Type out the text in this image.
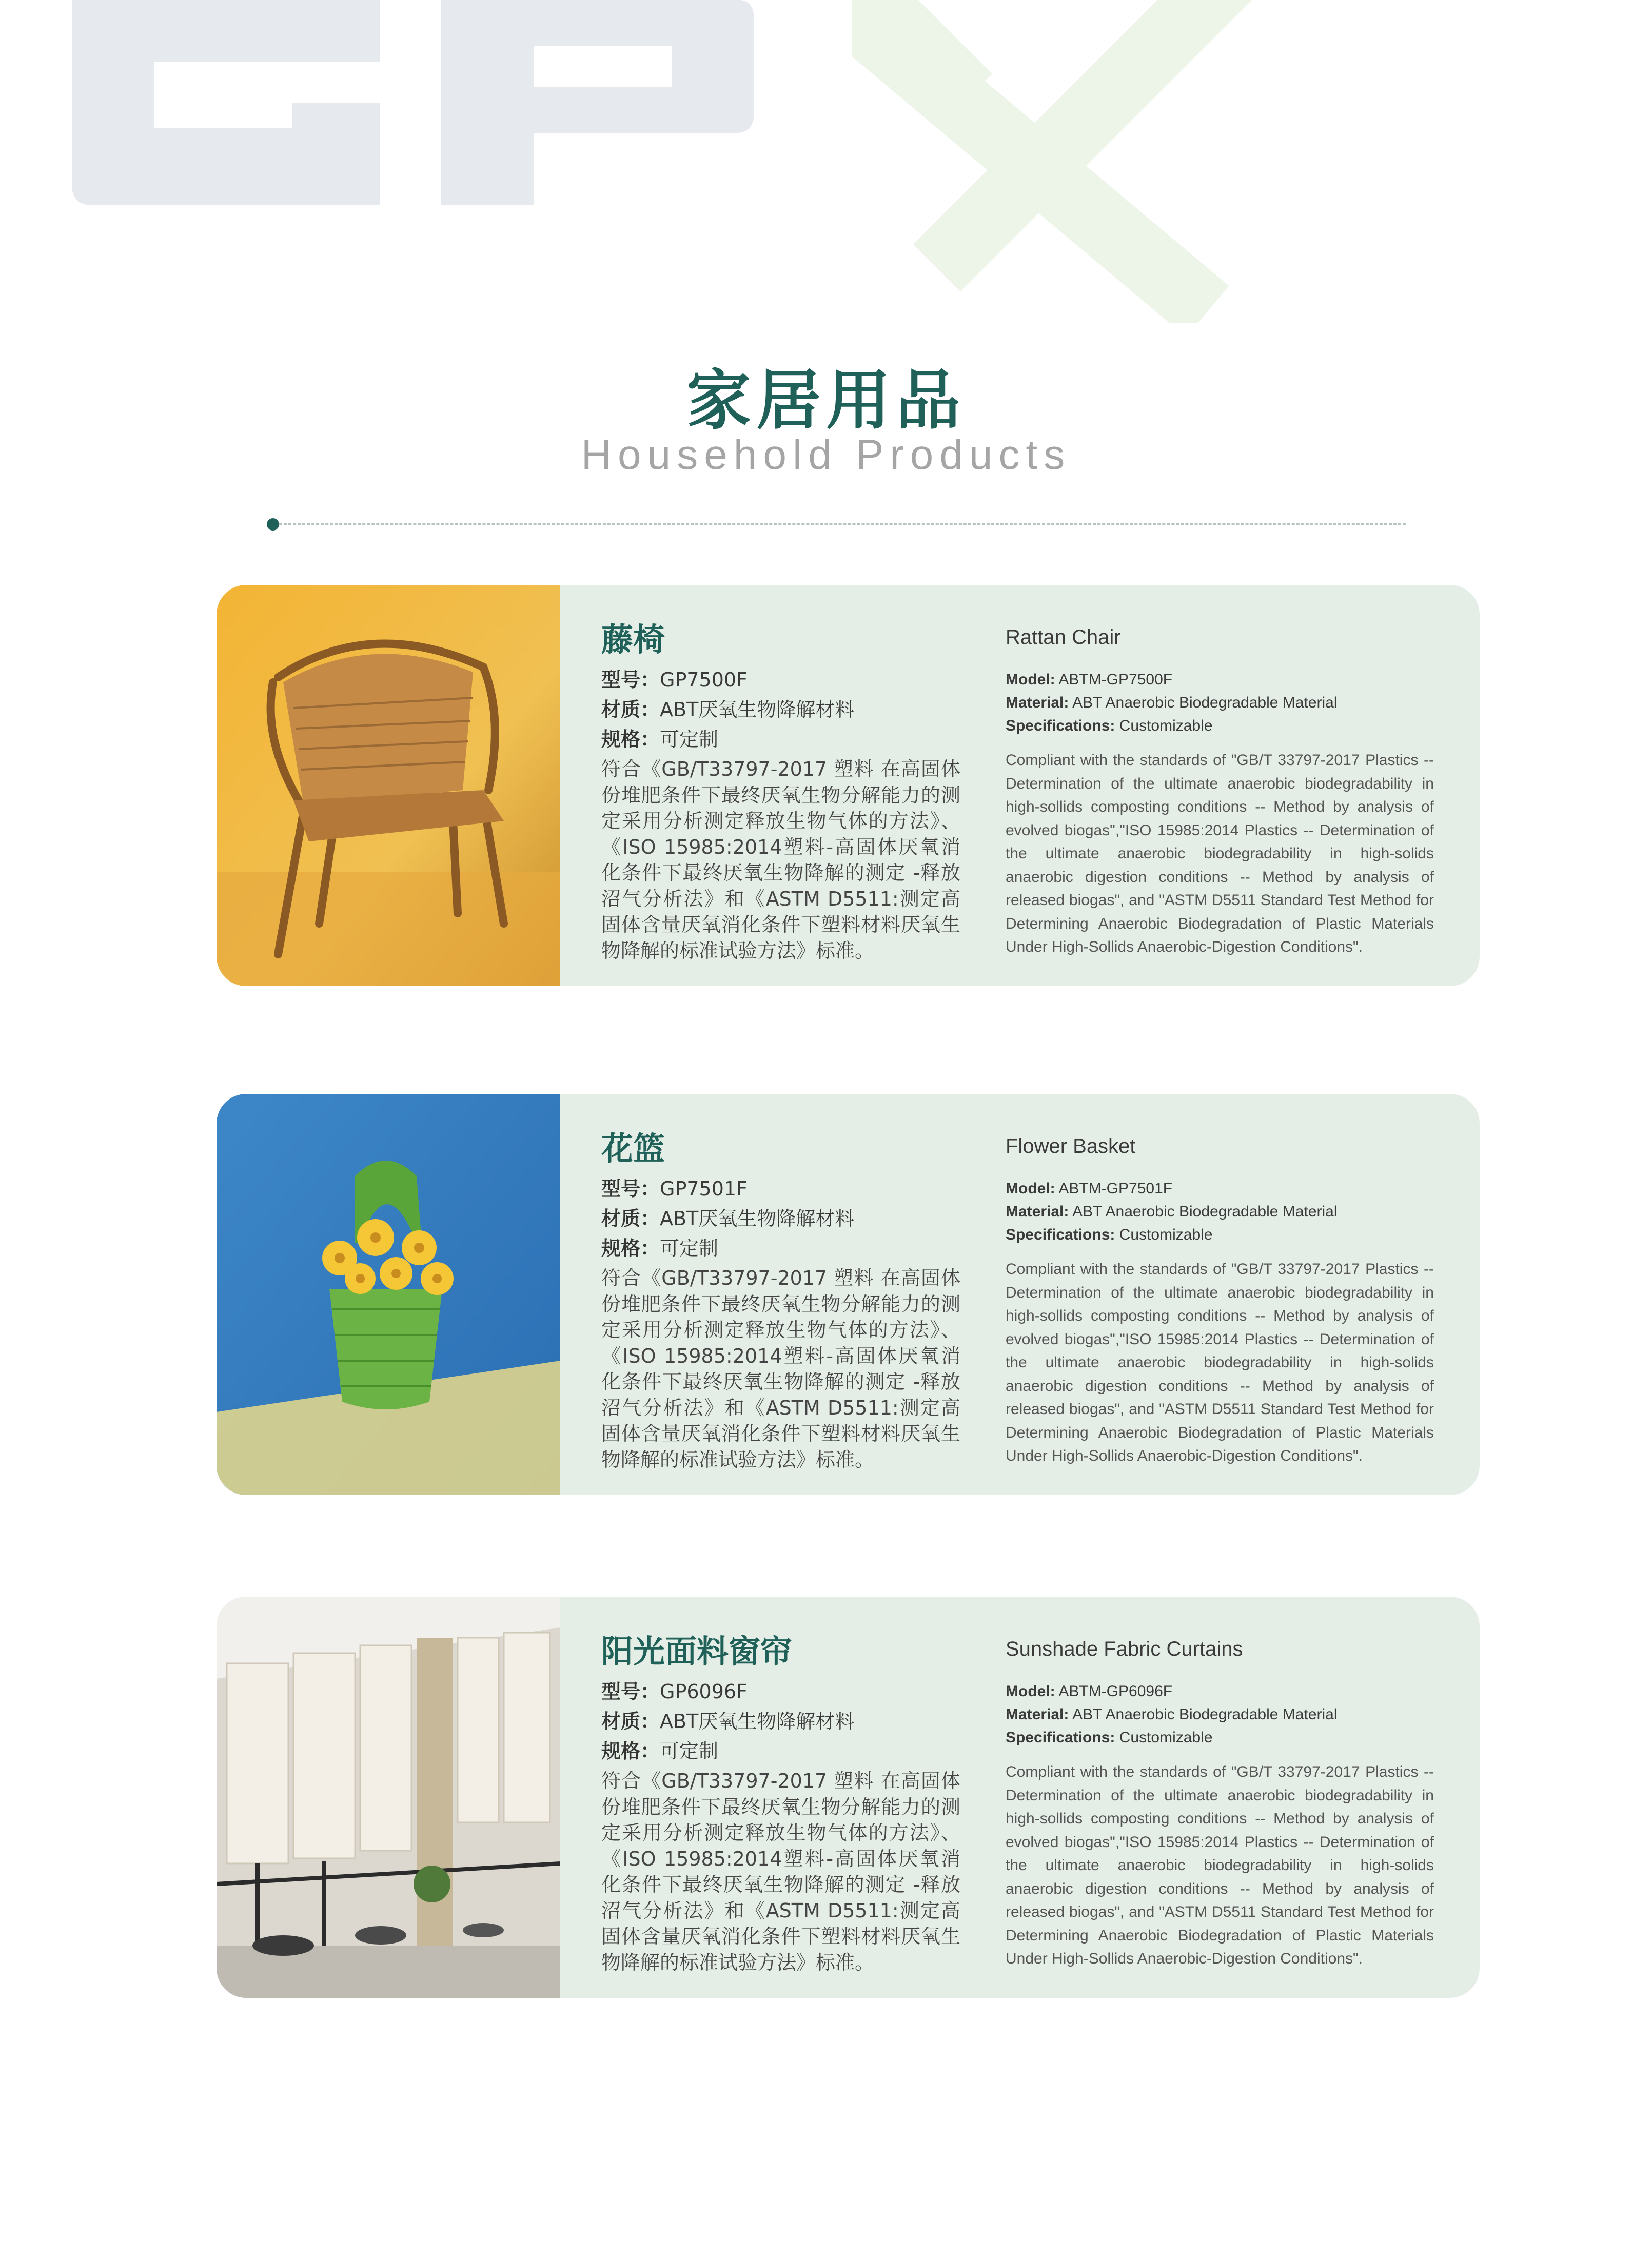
家居用品
Household Products
藤椅
型号：GP7500F
材质：ABT厌氧生物降解材料
规格：可定制
符合《GB/T33797-2017 塑料 在高固体份堆肥条件下最终厌氧生物分解能力的测定采用分析测定释放生物气体的方法》、《ISO 15985:2014塑料-高固体厌氧消化条件下最终厌氧生物降解的测定 -释放沼气分析法》和《ASTM D5511:测定高固体含量厌氧消化条件下塑料材料厌氧生物降解的标准试验方法》标准。
Rattan Chair
Model: ABTM-GP7500F
Material: ABT Anaerobic Biodegradable Material
Specifications: Customizable
Compliant with the standards of "GB/T 33797-2017 Plastics -- Determination of the ultimate anaerobic biodegradability in high-sollids composting conditions -- Method by analysis of evolved biogas","ISO 15985:2014 Plastics -- Determination of the ultimate anaerobic biodegradability in high-solids anaerobic digestion conditions -- Method by analysis of released biogas", and "ASTM D5511 Standard Test Method for Determining Anaerobic Biodegradation of Plastic Materials Under High-Sollids Anaerobic-Digestion Conditions".
花篮
型号：GP7501F
材质：ABT厌氧生物降解材料
规格：可定制
符合《GB/T33797-2017 塑料 在高固体份堆肥条件下最终厌氧生物分解能力的测定采用分析测定释放生物气体的方法》、《ISO 15985:2014塑料-高固体厌氧消化条件下最终厌氧生物降解的测定 -释放沼气分析法》和《ASTM D5511:测定高固体含量厌氧消化条件下塑料材料厌氧生物降解的标准试验方法》标准。
Flower Basket
Model: ABTM-GP7501F
Material: ABT Anaerobic Biodegradable Material
Specifications: Customizable
Compliant with the standards of "GB/T 33797-2017 Plastics -- Determination of the ultimate anaerobic biodegradability in high-sollids composting conditions -- Method by analysis of evolved biogas","ISO 15985:2014 Plastics -- Determination of the ultimate anaerobic biodegradability in high-solids anaerobic digestion conditions -- Method by analysis of released biogas", and "ASTM D5511 Standard Test Method for Determining Anaerobic Biodegradation of Plastic Materials Under High-Sollids Anaerobic-Digestion Conditions".
阳光面料窗帘
型号：GP6096F
材质：ABT厌氧生物降解材料
规格：可定制
符合《GB/T33797-2017 塑料 在高固体份堆肥条件下最终厌氧生物分解能力的测定采用分析测定释放生物气体的方法》、《ISO 15985:2014塑料-高固体厌氧消化条件下最终厌氧生物降解的测定 -释放沼气分析法》和《ASTM D5511:测定高固体含量厌氧消化条件下塑料材料厌氧生物降解的标准试验方法》标准。
Sunshade Fabric Curtains
Model: ABTM-GP6096F
Material: ABT Anaerobic Biodegradable Material
Specifications: Customizable
Compliant with the standards of "GB/T 33797-2017 Plastics -- Determination of the ultimate anaerobic biodegradability in high-sollids composting conditions -- Method by analysis of evolved biogas","ISO 15985:2014 Plastics -- Determination of the ultimate anaerobic biodegradability in high-solids anaerobic digestion conditions -- Method by analysis of released biogas", and "ASTM D5511 Standard Test Method for Determining Anaerobic Biodegradation of Plastic Materials Under High-Sollids Anaerobic-Digestion Conditions".
